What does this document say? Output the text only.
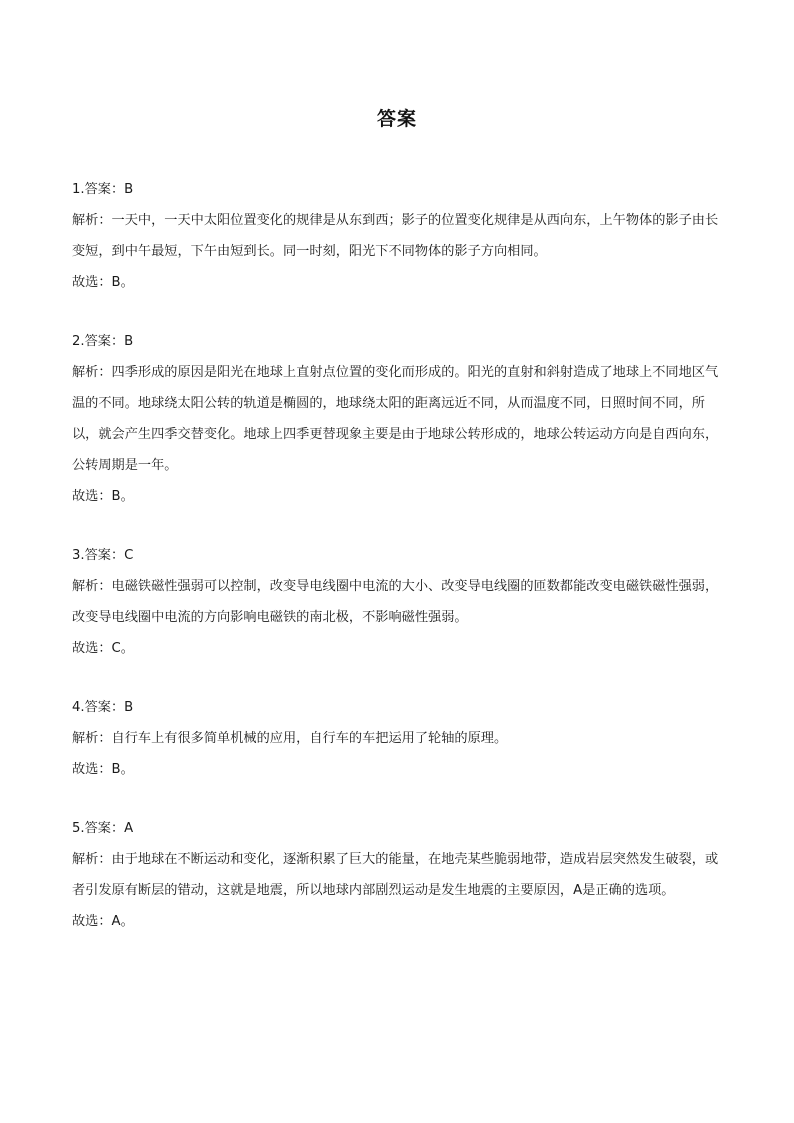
答案
1.答案：B
解析：一天中，一天中太阳位置变化的规律是从东到西；影子的位置变化规律是从西向东，上午物体的影子由长变短，到中午最短，下午由短到长。同一时刻，阳光下不同物体的影子方向相同。
故选：B。
2.答案：B
解析：四季形成的原因是阳光在地球上直射点位置的变化而形成的。阳光的直射和斜射造成了地球上不同地区气温的不同。地球绕太阳公转的轨道是椭圆的，地球绕太阳的距离远近不同，从而温度不同，日照时间不同，所以，就会产生四季交替变化。地球上四季更替现象主要是由于地球公转形成的，地球公转运动方向是自西向东，公转周期是一年。
故选：B。
3.答案：C
解析：电磁铁磁性强弱可以控制，改变导电线圈中电流的大小、改变导电线圈的匝数都能改变电磁铁磁性强弱，改变导电线圈中电流的方向影响电磁铁的南北极，不影响磁性强弱。
故选：C。
4.答案：B
解析：自行车上有很多简单机械的应用，自行车的车把运用了轮轴的原理。
故选：B。
5.答案：A
解析：由于地球在不断运动和变化，逐渐积累了巨大的能量，在地壳某些脆弱地带，造成岩层突然发生破裂，或者引发原有断层的错动，这就是地震，所以地球内部剧烈运动是发生地震的主要原因，A是正确的选项。
故选：A。
